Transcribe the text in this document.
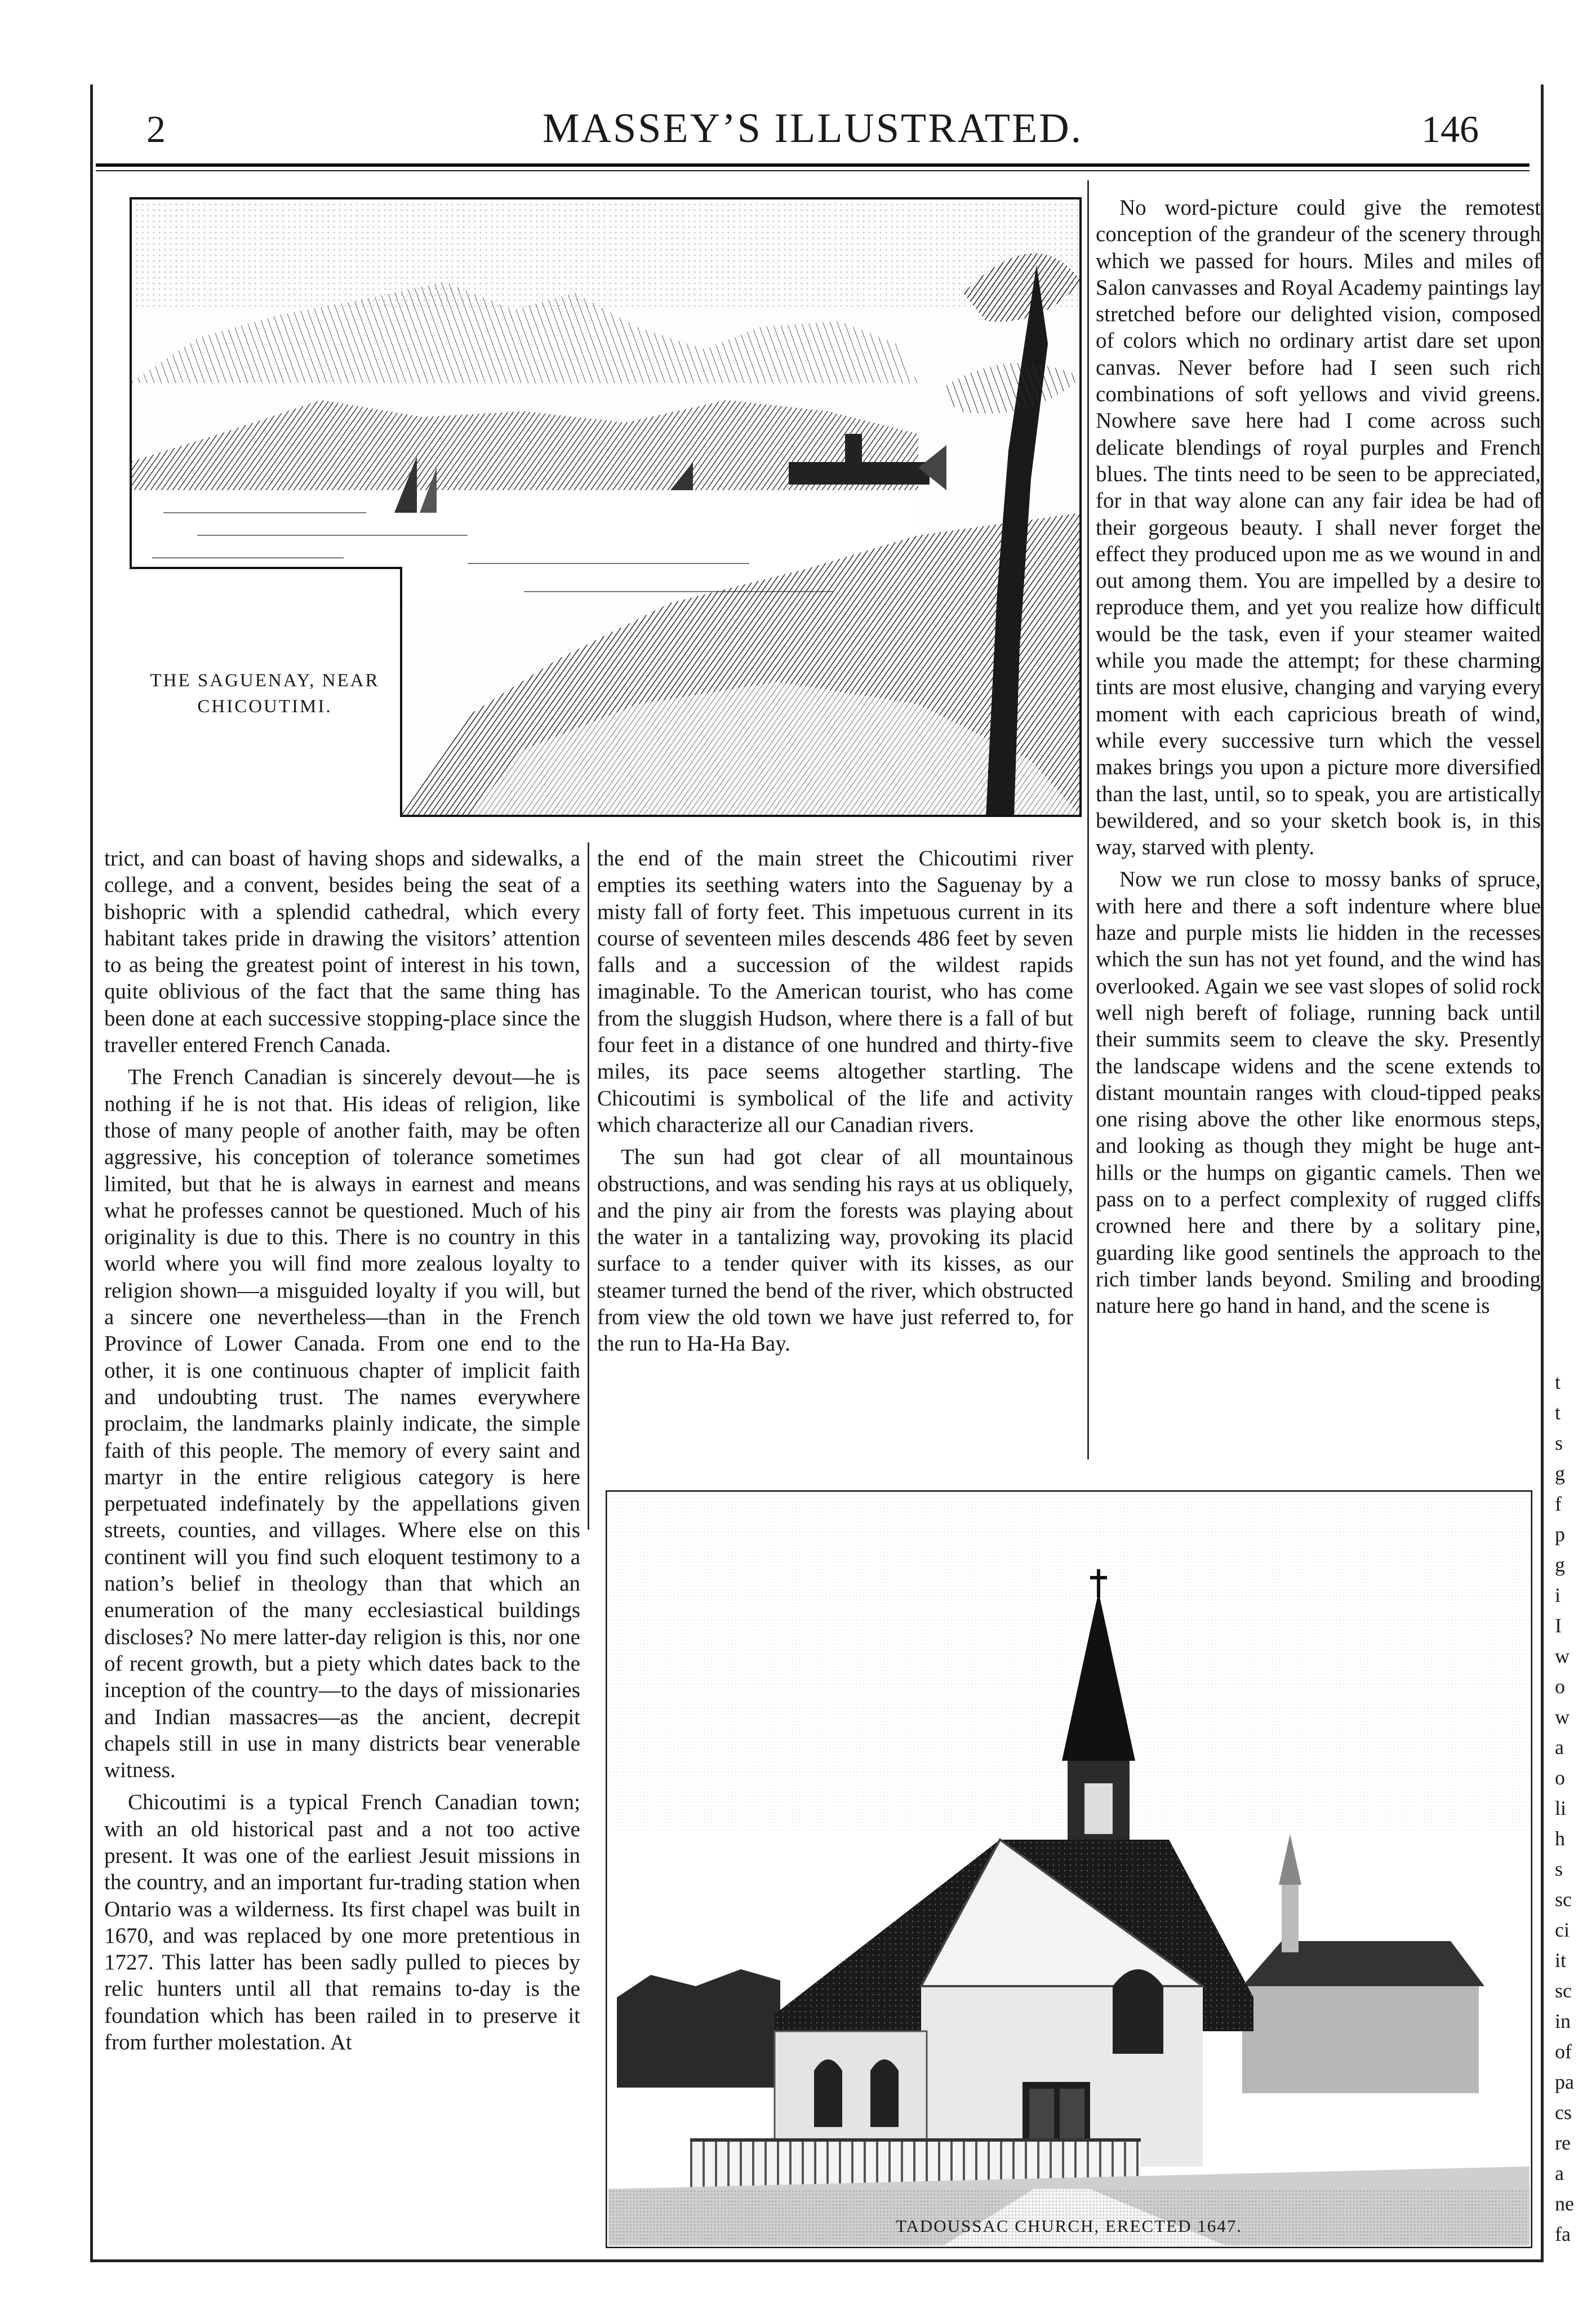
2	MASSEY’S ILLUSTRATED.	146
THE SAGUENAY, NEAR
CHICOUTIMI.

trict, and can boast of having shops and sidewalks, a college, and a convent, besides being the seat of a bishopric with a splendid cathedral, which every habitant takes pride in drawing the visitors’ attention to as being the greatest point of interest in his town, quite oblivious of the fact that the same thing has been done at each successive stopping-place since the traveller entered French Canada.

The French Canadian is sincerely devout—he is nothing if he is not that. His ideas of religion, like those of many people of another faith, may be often aggressive, his conception of tolerance sometimes limited, but that he is always in earnest and means what he professes cannot be questioned. Much of his originality is due to this. There is no country in this world where you will find more zealous loyalty to religion shown—a misguided loyalty if you will, but a sincere one nevertheless—than in the French Province of Lower Canada. From one end to the other, it is one continuous chapter of implicit faith and undoubting trust. The names everywhere proclaim, the landmarks plainly indicate, the simple faith of this people. The memory of every saint and martyr in the entire religious category is here perpetuated indefinately by the appellations given streets, counties, and villages. Where else on this continent will you find such eloquent testimony to a nation’s belief in theology than that which an enumeration of the many ecclesiastical buildings discloses? No mere latter-day religion is this, nor one of recent growth, but a piety which dates back to the inception of the country—to the days of missionaries and Indian massacres—as the ancient, decrepit chapels still in use in many districts bear venerable witness.

Chicoutimi is a typical French Canadian town; with an old historical past and a not too active present. It was one of the earliest Jesuit missions in the country, and an important fur-trading station when Ontario was a wilderness. Its first chapel was built in 1670, and was replaced by one more pretentious in 1727. This latter has been sadly pulled to pieces by relic hunters until all that remains to-day is the foundation which has been railed in to preserve it from further molestation. At

the end of the main street the Chicoutimi river empties its seething waters into the Saguenay by a misty fall of forty feet. This impetuous current in its course of seventeen miles descends 486 feet by seven falls and a succession of the wildest rapids imaginable. To the American tourist, who has come from the sluggish Hudson, where there is a fall of but four feet in a distance of one hundred and thirty-five miles, its pace seems altogether startling. The Chicoutimi is symbolical of the life and activity which characterize all our Canadian rivers.

The sun had got clear of all mountainous obstructions, and was sending his rays at us obliquely, and the piny air from the forests was playing about the water in a tantalizing way, provoking its placid surface to a tender quiver with its kisses, as our steamer turned the bend of the river, which obstructed from view the old town we have just referred to, for the run to Ha-Ha Bay.

No word-picture could give the remotest conception of the grandeur of the scenery through which we passed for hours. Miles and miles of Salon canvasses and Royal Academy paintings lay stretched before our delighted vision, composed of colors which no ordinary artist dare set upon canvas. Never before had I seen such rich combinations of soft yellows and vivid greens. Nowhere save here had I come across such delicate blendings of royal purples and French blues. The tints need to be seen to be appreciated, for in that way alone can any fair idea be had of their gorgeous beauty. I shall never forget the effect they produced upon me as we wound in and out among them. You are impelled by a desire to reproduce them, and yet you realize how difficult would be the task, even if your steamer waited while you made the attempt; for these charming tints are most elusive, changing and varying every moment with each capricious breath of wind, while every successive turn which the vessel makes brings you upon a picture more diversified than the last, until, so to speak, you are artistically bewildered, and so your sketch book is, in this way, starved with plenty.

Now we run close to mossy banks of spruce, with here and there a soft indenture where blue haze and purple mists lie hidden in the recesses which the sun has not yet found, and the wind has overlooked. Again we see vast slopes of solid rock well nigh bereft of foliage, running back until their summits seem to cleave the sky. Presently the landscape widens and the scene extends to distant mountain ranges with cloud-tipped peaks one rising above the other like enormous steps, and looking as though they might be huge ant-hills or the humps on gigantic camels. Then we pass on to a perfect complexity of rugged cliffs crowned here and there by a solitary pine, guarding like good sentinels the approach to the rich timber lands beyond. Smiling and brooding nature here go hand in hand, and the scene is

TADOUSSAC CHURCH, ERECTED 1647.
t
t
s
g
f
p
g
i
I
w
o
w
a
o
li
h
s
sc
ci
it
sc
in
of
pa
cs
re
a
ne
fa
